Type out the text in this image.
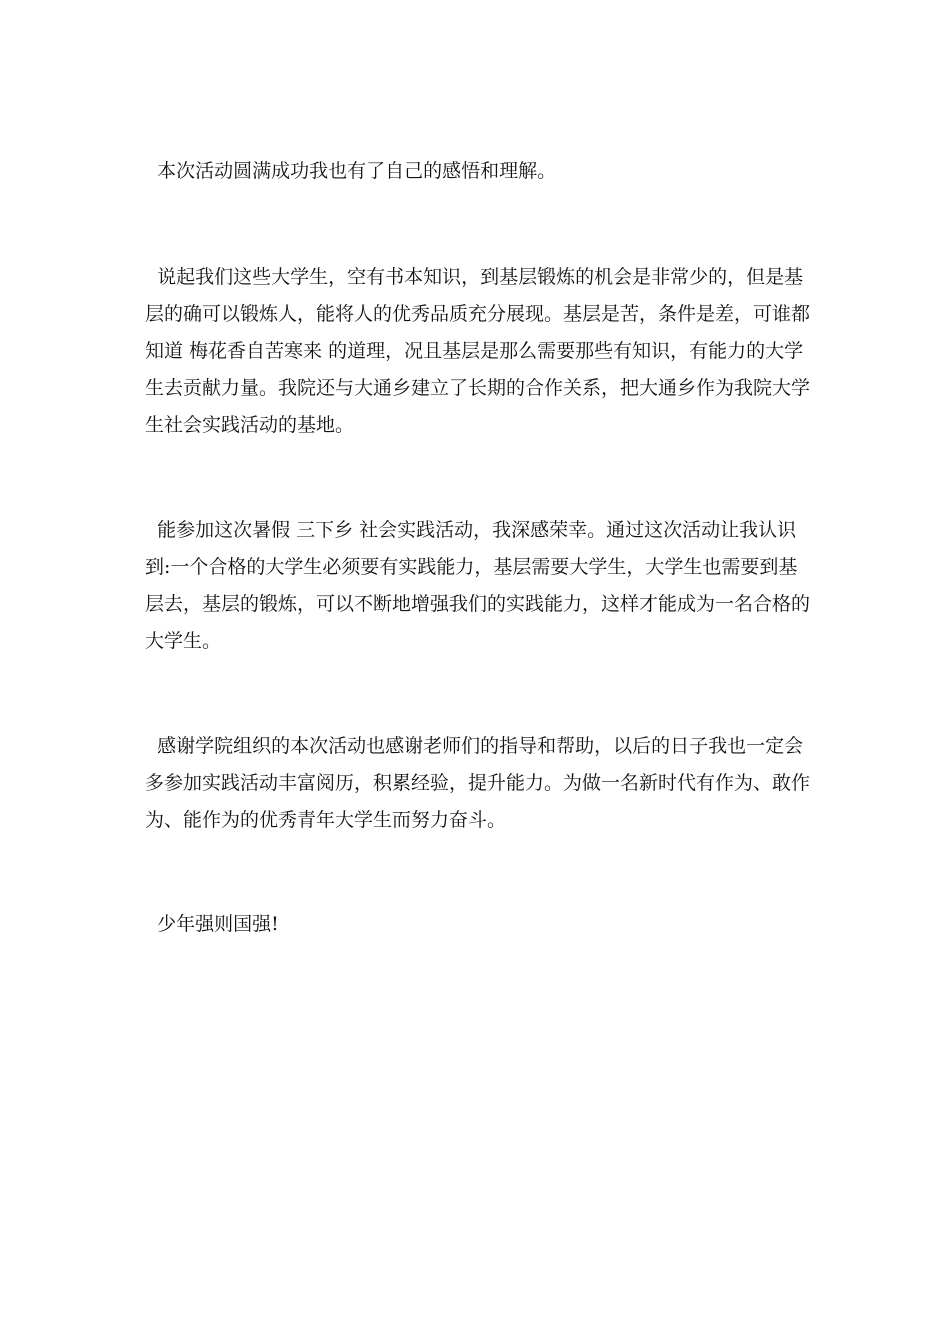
本次活动圆满成功我也有了自己的感悟和理解。

说起我们这些大学生，空有书本知识，到基层锻炼的机会是非常少的，但是基层的确可以锻炼人，能将人的优秀品质充分展现。基层是苦，条件是差，可谁都知道 梅花香自苦寒来 的道理，况且基层是那么需要那些有知识，有能力的大学生去贡献力量。我院还与大通乡建立了长期的合作关系，把大通乡作为我院大学生社会实践活动的基地。

能参加这次暑假 三下乡 社会实践活动，我深感荣幸。通过这次活动让我认识到:一个合格的大学生必须要有实践能力，基层需要大学生，大学生也需要到基层去，基层的锻炼，可以不断地增强我们的实践能力，这样才能成为一名合格的大学生。

感谢学院组织的本次活动也感谢老师们的指导和帮助，以后的日子我也一定会多参加实践活动丰富阅历，积累经验，提升能力。为做一名新时代有作为、敢作为、能作为的优秀青年大学生而努力奋斗。

少年强则国强!
